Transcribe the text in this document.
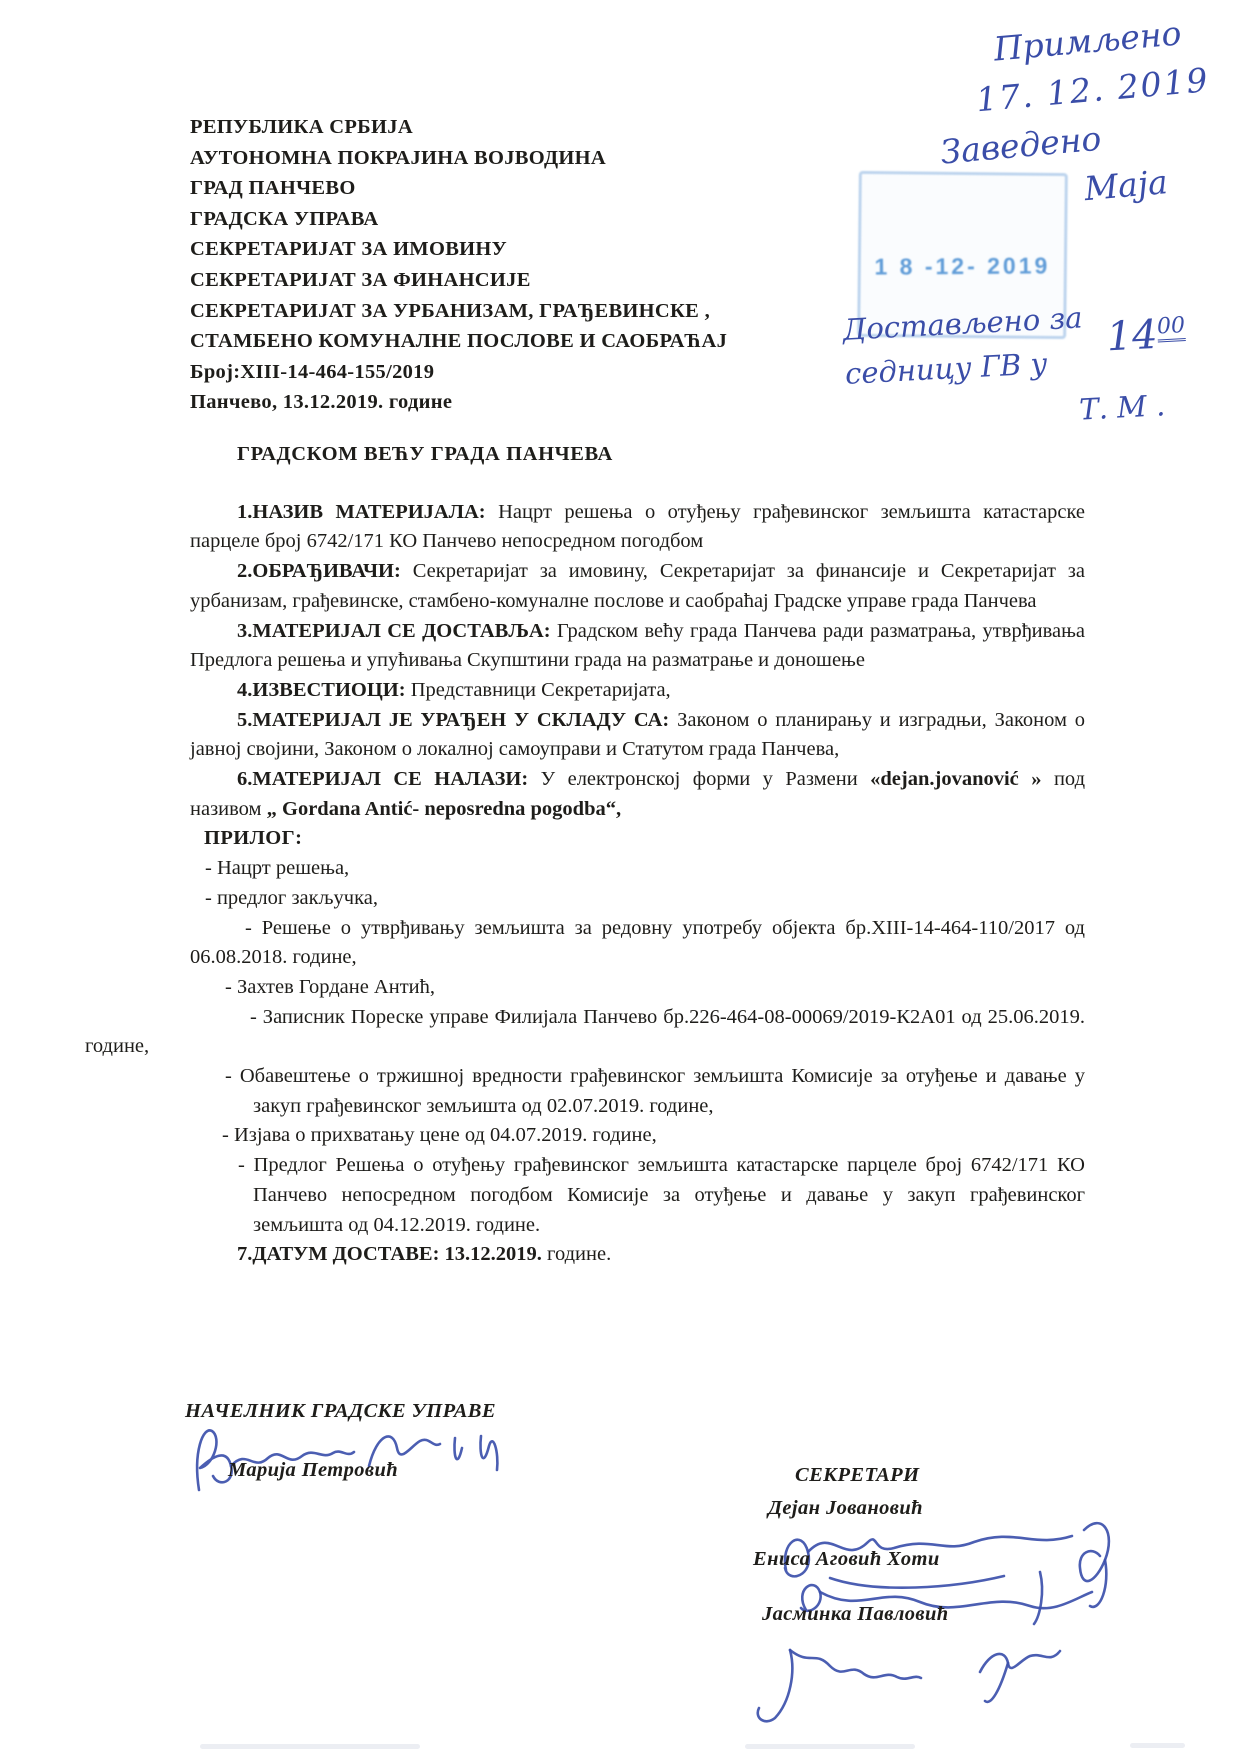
РЕПУБЛИКА СРБИЈА
АУТОНОМНА ПОКРАЈИНА ВОЈВОДИНА
ГРАД ПАНЧЕВО
ГРАДСКА УПРАВА
СЕКРЕТАРИЈАТ ЗА ИМОВИНУ
СЕКРЕТАРИЈАТ ЗА ФИНАНСИЈЕ
СЕКРЕТАРИЈАТ ЗА УРБАНИЗАМ, ГРАЂЕВИНСКЕ ,
СТАМБЕНО КОМУНАЛНЕ ПОСЛОВЕ И САОБРАЋАЈ
Број:XIII-14-464-155/2019
Панчево, 13.12.2019. године
Примљено
17. 12. 2019
Заведено
Маја
1 8 -12- 2019
Достављено за
седницу ГВ у
$14^{00}$
Т. М .
ГРАДСКОМ ВЕЋУ ГРАДА ПАНЧЕВА
1.НАЗИВ МАТЕРИЈАЛА: Нацрт решења о отуђењу грађевинског земљишта катастарске парцеле број 6742/171 КО Панчево непосредном погодбом
2.ОБРАЂИВАЧИ: Секретаријат за имовину, Секретаријат за финансије и Секретаријат за урбанизам, грађевинске, стамбено-комуналне послове и саобраћај Градске управе града Панчева
3.МАТЕРИЈАЛ СЕ ДОСТАВЉА: Градском већу града Панчева ради разматрања, утврђивања Предлога решења и упућивања Скупштини града на разматрање и доношење
4.ИЗВЕСТИОЦИ: Представници Секретаријата,
5.МАТЕРИЈАЛ ЈЕ УРАЂЕН У СКЛАДУ СА: Законом о планирању и изградњи, Законом о јавној својини, Законом о локалној самоуправи и Статутом града Панчева,
6.МАТЕРИЈАЛ СЕ НАЛАЗИ: У електронској форми у Размени «dejan.jovanović » под називом „ Gordana Antić- neposredna pogodba“,
ПРИЛОГ:
- Нацрт решења,
- предлог закључка,
- Решење о утврђивању земљишта за редовну употребу објекта бр.XIII-14-464-110/2017 од 06.08.2018. године,
- Захтев Гордане Антић,
- Записник Пореске управе Филијала Панчево бр.226-464-08-00069/2019-К2А01 од 25.06.2019. године,
- Обавештење о тржишној вредности грађевинског земљишта Комисије за отуђење и давање у закуп грађевинског земљишта од 02.07.2019. године,
- Изјава о прихватању цене од 04.07.2019. године,
- Предлог Решења о отуђењу грађевинског земљишта катастарске парцеле број 6742/171 КО Панчево непосредном погодбом Комисије за отуђење и давање у закуп грађевинског земљишта од 04.12.2019. године.
7.ДАТУМ ДОСТАВЕ: 13.12.2019. године.
НАЧЕЛНИК ГРАДСКЕ УПРАВЕ
Марија Петровић	СЕКРЕТАРИ
Дејан Јовановић
Ениса Аговић Хоти
Јасминка Павловић
